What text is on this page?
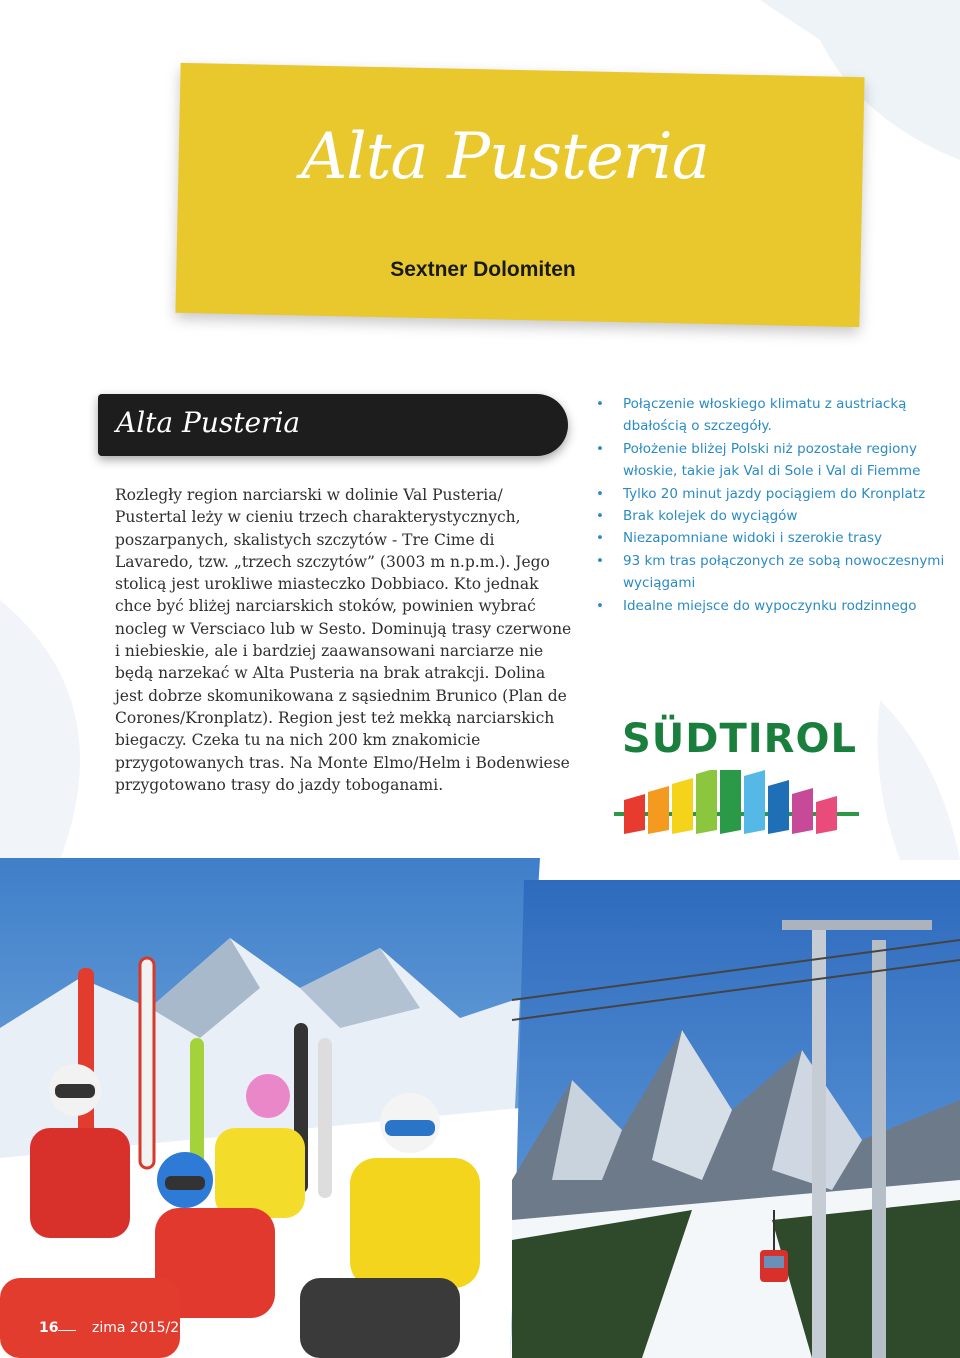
Alta Pusteria
Sextner Dolomiten
Alta Pusteria

Rozległy region narciarski w dolinie Val Pusteria/ Pustertal leży w cieniu trzech charakterystycznych, poszarpanych, skalistych szczytów - Tre Cime di Lavaredo, tzw. „trzech szczytów” (3003 m n.p.m.). Jego stolicą jest urokliwe miasteczko Dobbiaco. Kto jednak chce być bliżej narciarskich stoków, powinien wybrać nocleg w Versciaco lub w Sesto. Dominują trasy czerwone i niebieskie, ale i bardziej zaawansowani narciarze nie będą narzekać w Alta Pusteria na brak atrakcji. Dolina jest dobrze skomunikowana z sąsiednim Brunico (Plan de Corones/Kronplatz). Region jest też mekką narciarskich biegaczy. Czeka tu na nich 200 km znakomicie przygotowanych tras. Na Monte Elmo/Helm i Bodenwiese przygotowano trasy do jazdy toboganami.

• Połączenie włoskiego klimatu z austriacką dbałością o szczegóły.
• Położenie bliżej Polski niż pozostałe regiony włoskie, takie jak Val di Sole i Val di Fiemme
• Tylko 20 minut jazdy pociągiem do Kronplatz
• Brak kolejek do wyciągów
• Niezapomniane widoki i szerokie trasy
• 93 km tras połączonych ze sobą nowoczesnymi wyciągami
• Idealne miejsce do wypoczynku rodzinnego
SÜDTIROL
16 zima 2015/2016
